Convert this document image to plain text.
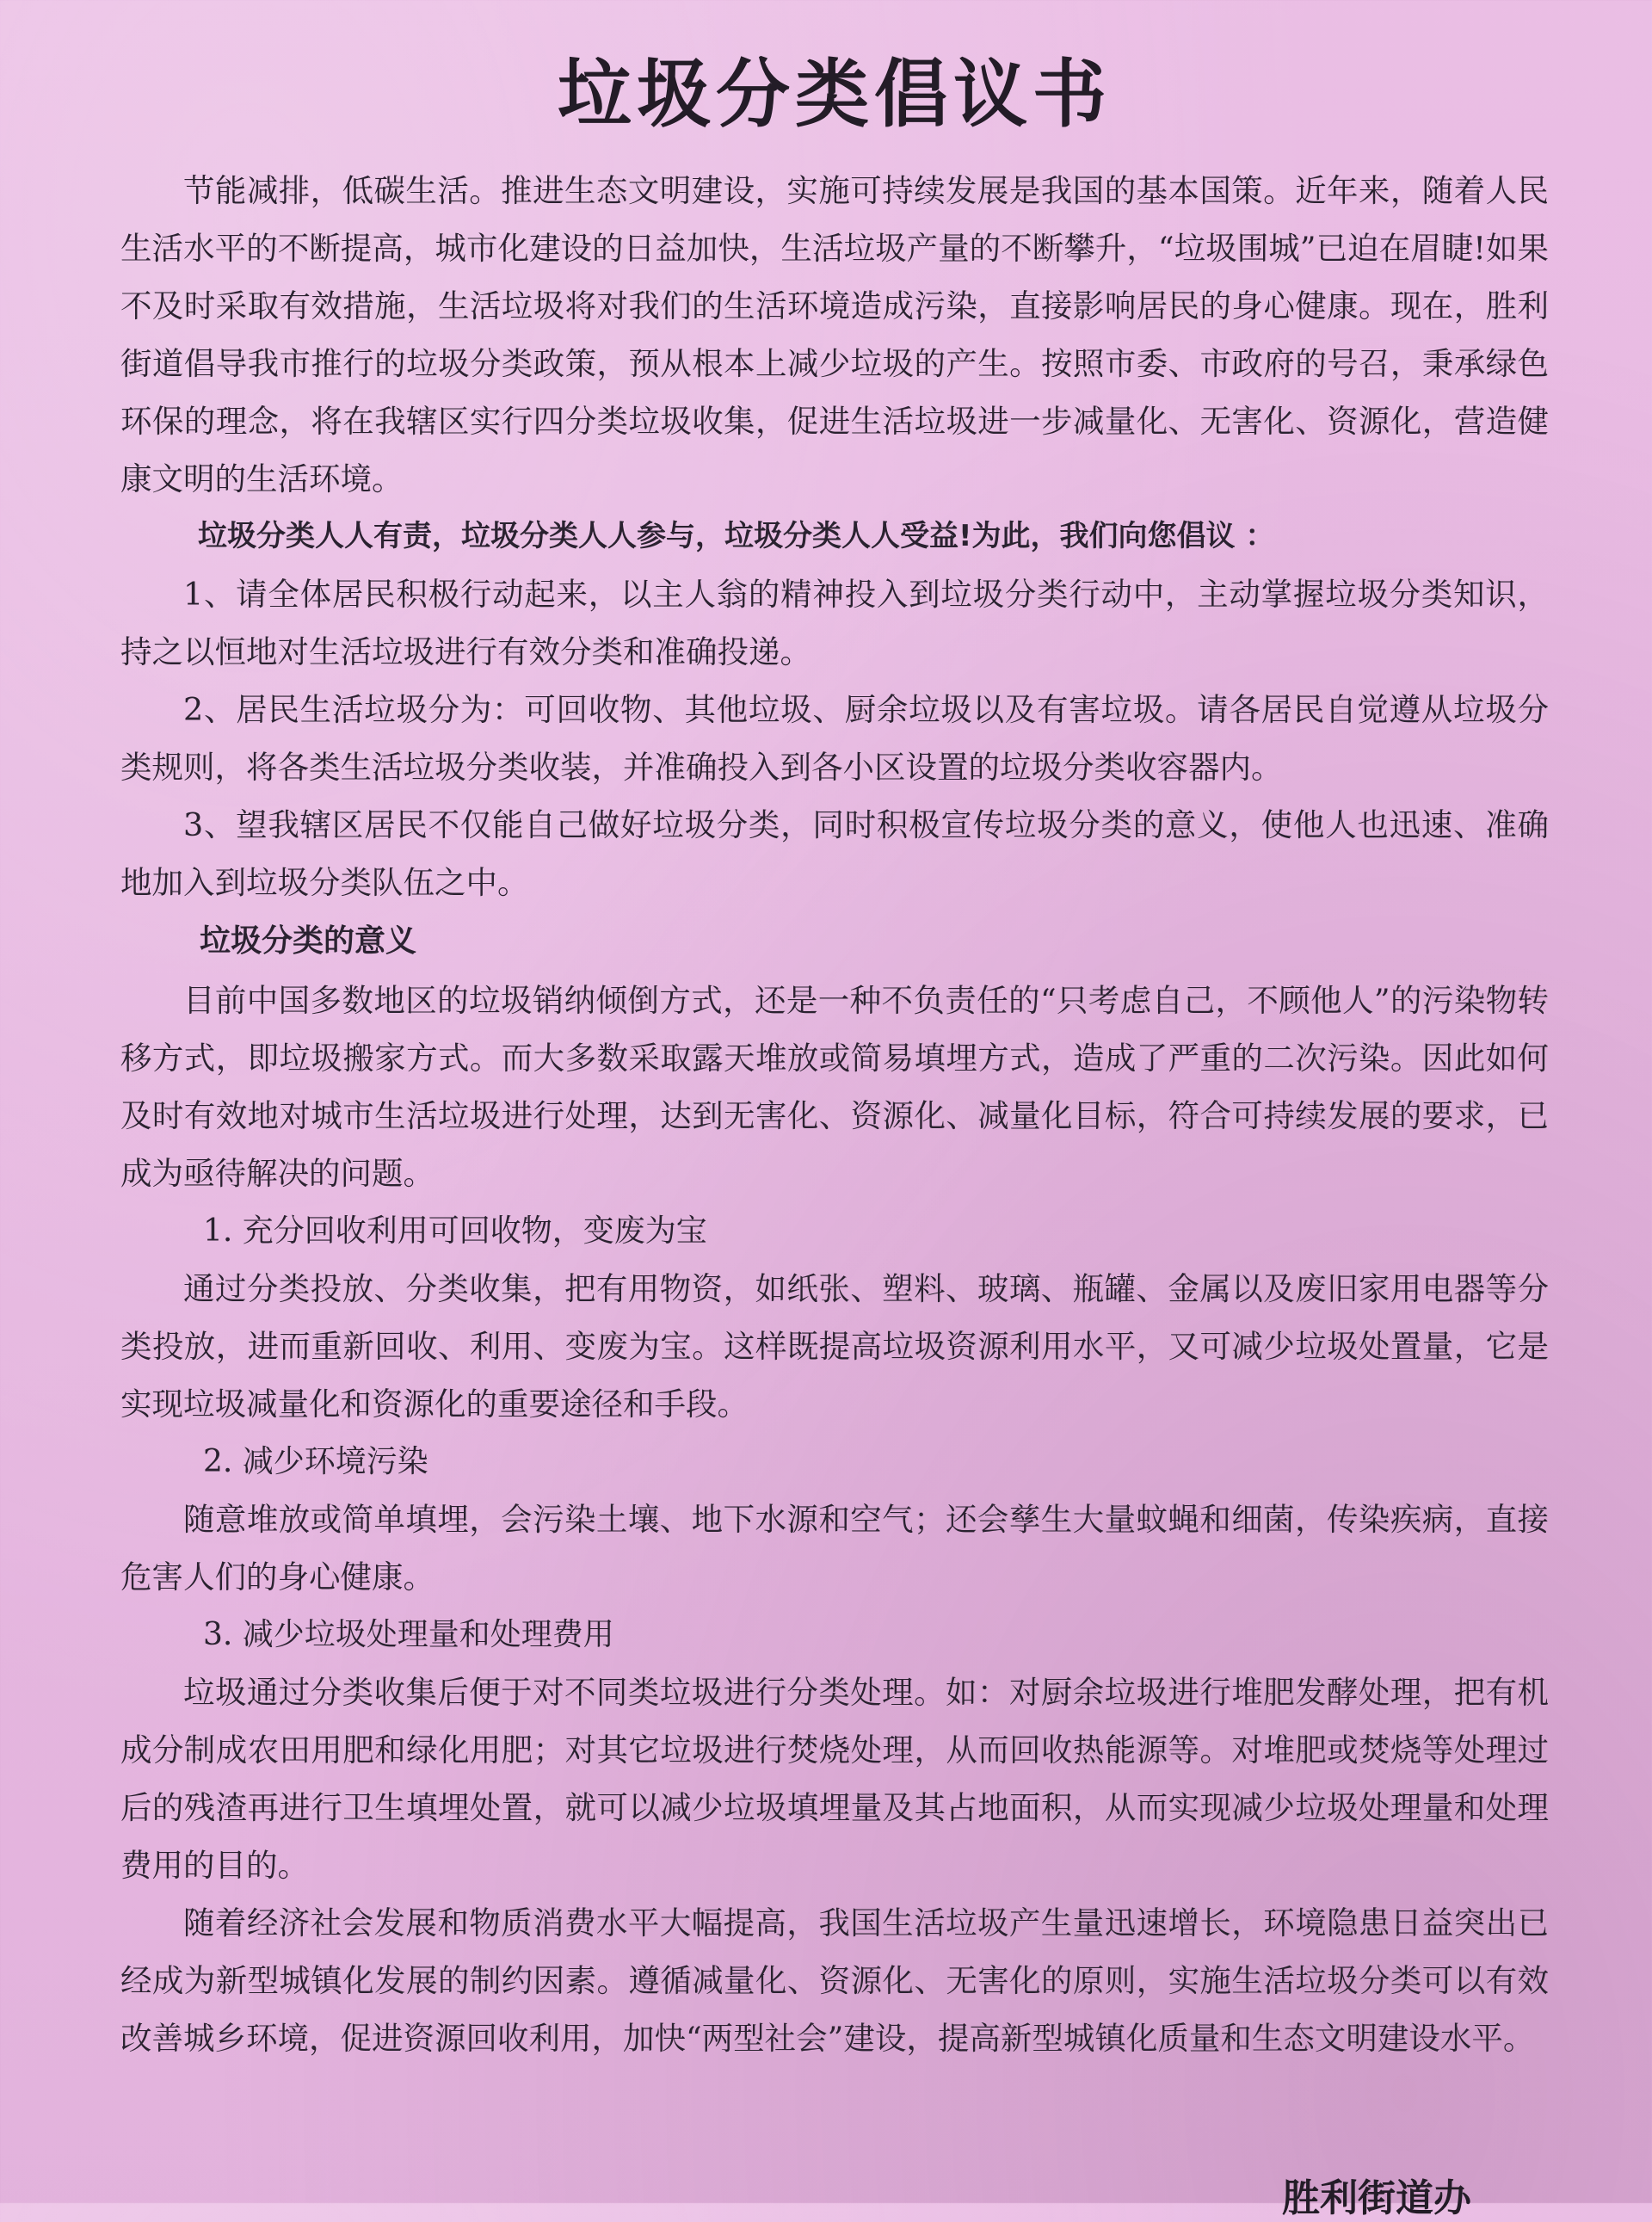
垃圾分类倡议书

节能减排，低碳生活。推进生态文明建设，实施可持续发展是我国的基本国策。近年来，随着人民生活水平的不断提高，城市化建设的日益加快，生活垃圾产量的不断攀升，“垃圾围城”已迫在眉睫!如果不及时采取有效措施，生活垃圾将对我们的生活环境造成污染，直接影响居民的身心健康。现在，胜利街道倡导我市推行的垃圾分类政策，预从根本上减少垃圾的产生。按照市委、市政府的号召，秉承绿色环保的理念，将在我辖区实行四分类垃圾收集，促进生活垃圾进一步减量化、无害化、资源化，营造健康文明的生活环境。

垃圾分类人人有责，垃圾分类人人参与，垃圾分类人人受益!为此，我们向您倡议 ：

1、请全体居民积极行动起来，以主人翁的精神投入到垃圾分类行动中，主动掌握垃圾分类知识，持之以恒地对生活垃圾进行有效分类和准确投递。

2、居民生活垃圾分为：可回收物、其他垃圾、厨余垃圾以及有害垃圾。请各居民自觉遵从垃圾分类规则，将各类生活垃圾分类收装，并准确投入到各小区设置的垃圾分类收容器内。

3、望我辖区居民不仅能自己做好垃圾分类，同时积极宣传垃圾分类的意义，使他人也迅速、准确地加入到垃圾分类队伍之中。

垃圾分类的意义

目前中国多数地区的垃圾销纳倾倒方式，还是一种不负责任的“只考虑自己，不顾他人”的污染物转移方式，即垃圾搬家方式。而大多数采取露天堆放或简易填埋方式，造成了严重的二次污染。因此如何及时有效地对城市生活垃圾进行处理，达到无害化、资源化、减量化目标，符合可持续发展的要求，已成为亟待解决的问题。

1. 充分回收利用可回收物，变废为宝

通过分类投放、分类收集，把有用物资，如纸张、塑料、玻璃、瓶罐、金属以及废旧家用电器等分类投放，进而重新回收、利用、变废为宝。这样既提高垃圾资源利用水平，又可减少垃圾处置量，它是实现垃圾减量化和资源化的重要途径和手段。

2. 减少环境污染

随意堆放或简单填埋，会污染土壤、地下水源和空气；还会孳生大量蚊蝇和细菌，传染疾病，直接危害人们的身心健康。

3. 减少垃圾处理量和处理费用

垃圾通过分类收集后便于对不同类垃圾进行分类处理。如：对厨余垃圾进行堆肥发酵处理，把有机成分制成农田用肥和绿化用肥；对其它垃圾进行焚烧处理，从而回收热能源等。对堆肥或焚烧等处理过后的残渣再进行卫生填埋处置，就可以减少垃圾填埋量及其占地面积，从而实现减少垃圾处理量和处理费用的目的。

随着经济社会发展和物质消费水平大幅提高，我国生活垃圾产生量迅速增长，环境隐患日益突出已经成为新型城镇化发展的制约因素。遵循减量化、资源化、无害化的原则，实施生活垃圾分类可以有效改善城乡环境，促进资源回收利用，加快“两型社会”建设，提高新型城镇化质量和生态文明建设水平。

胜利街道办
